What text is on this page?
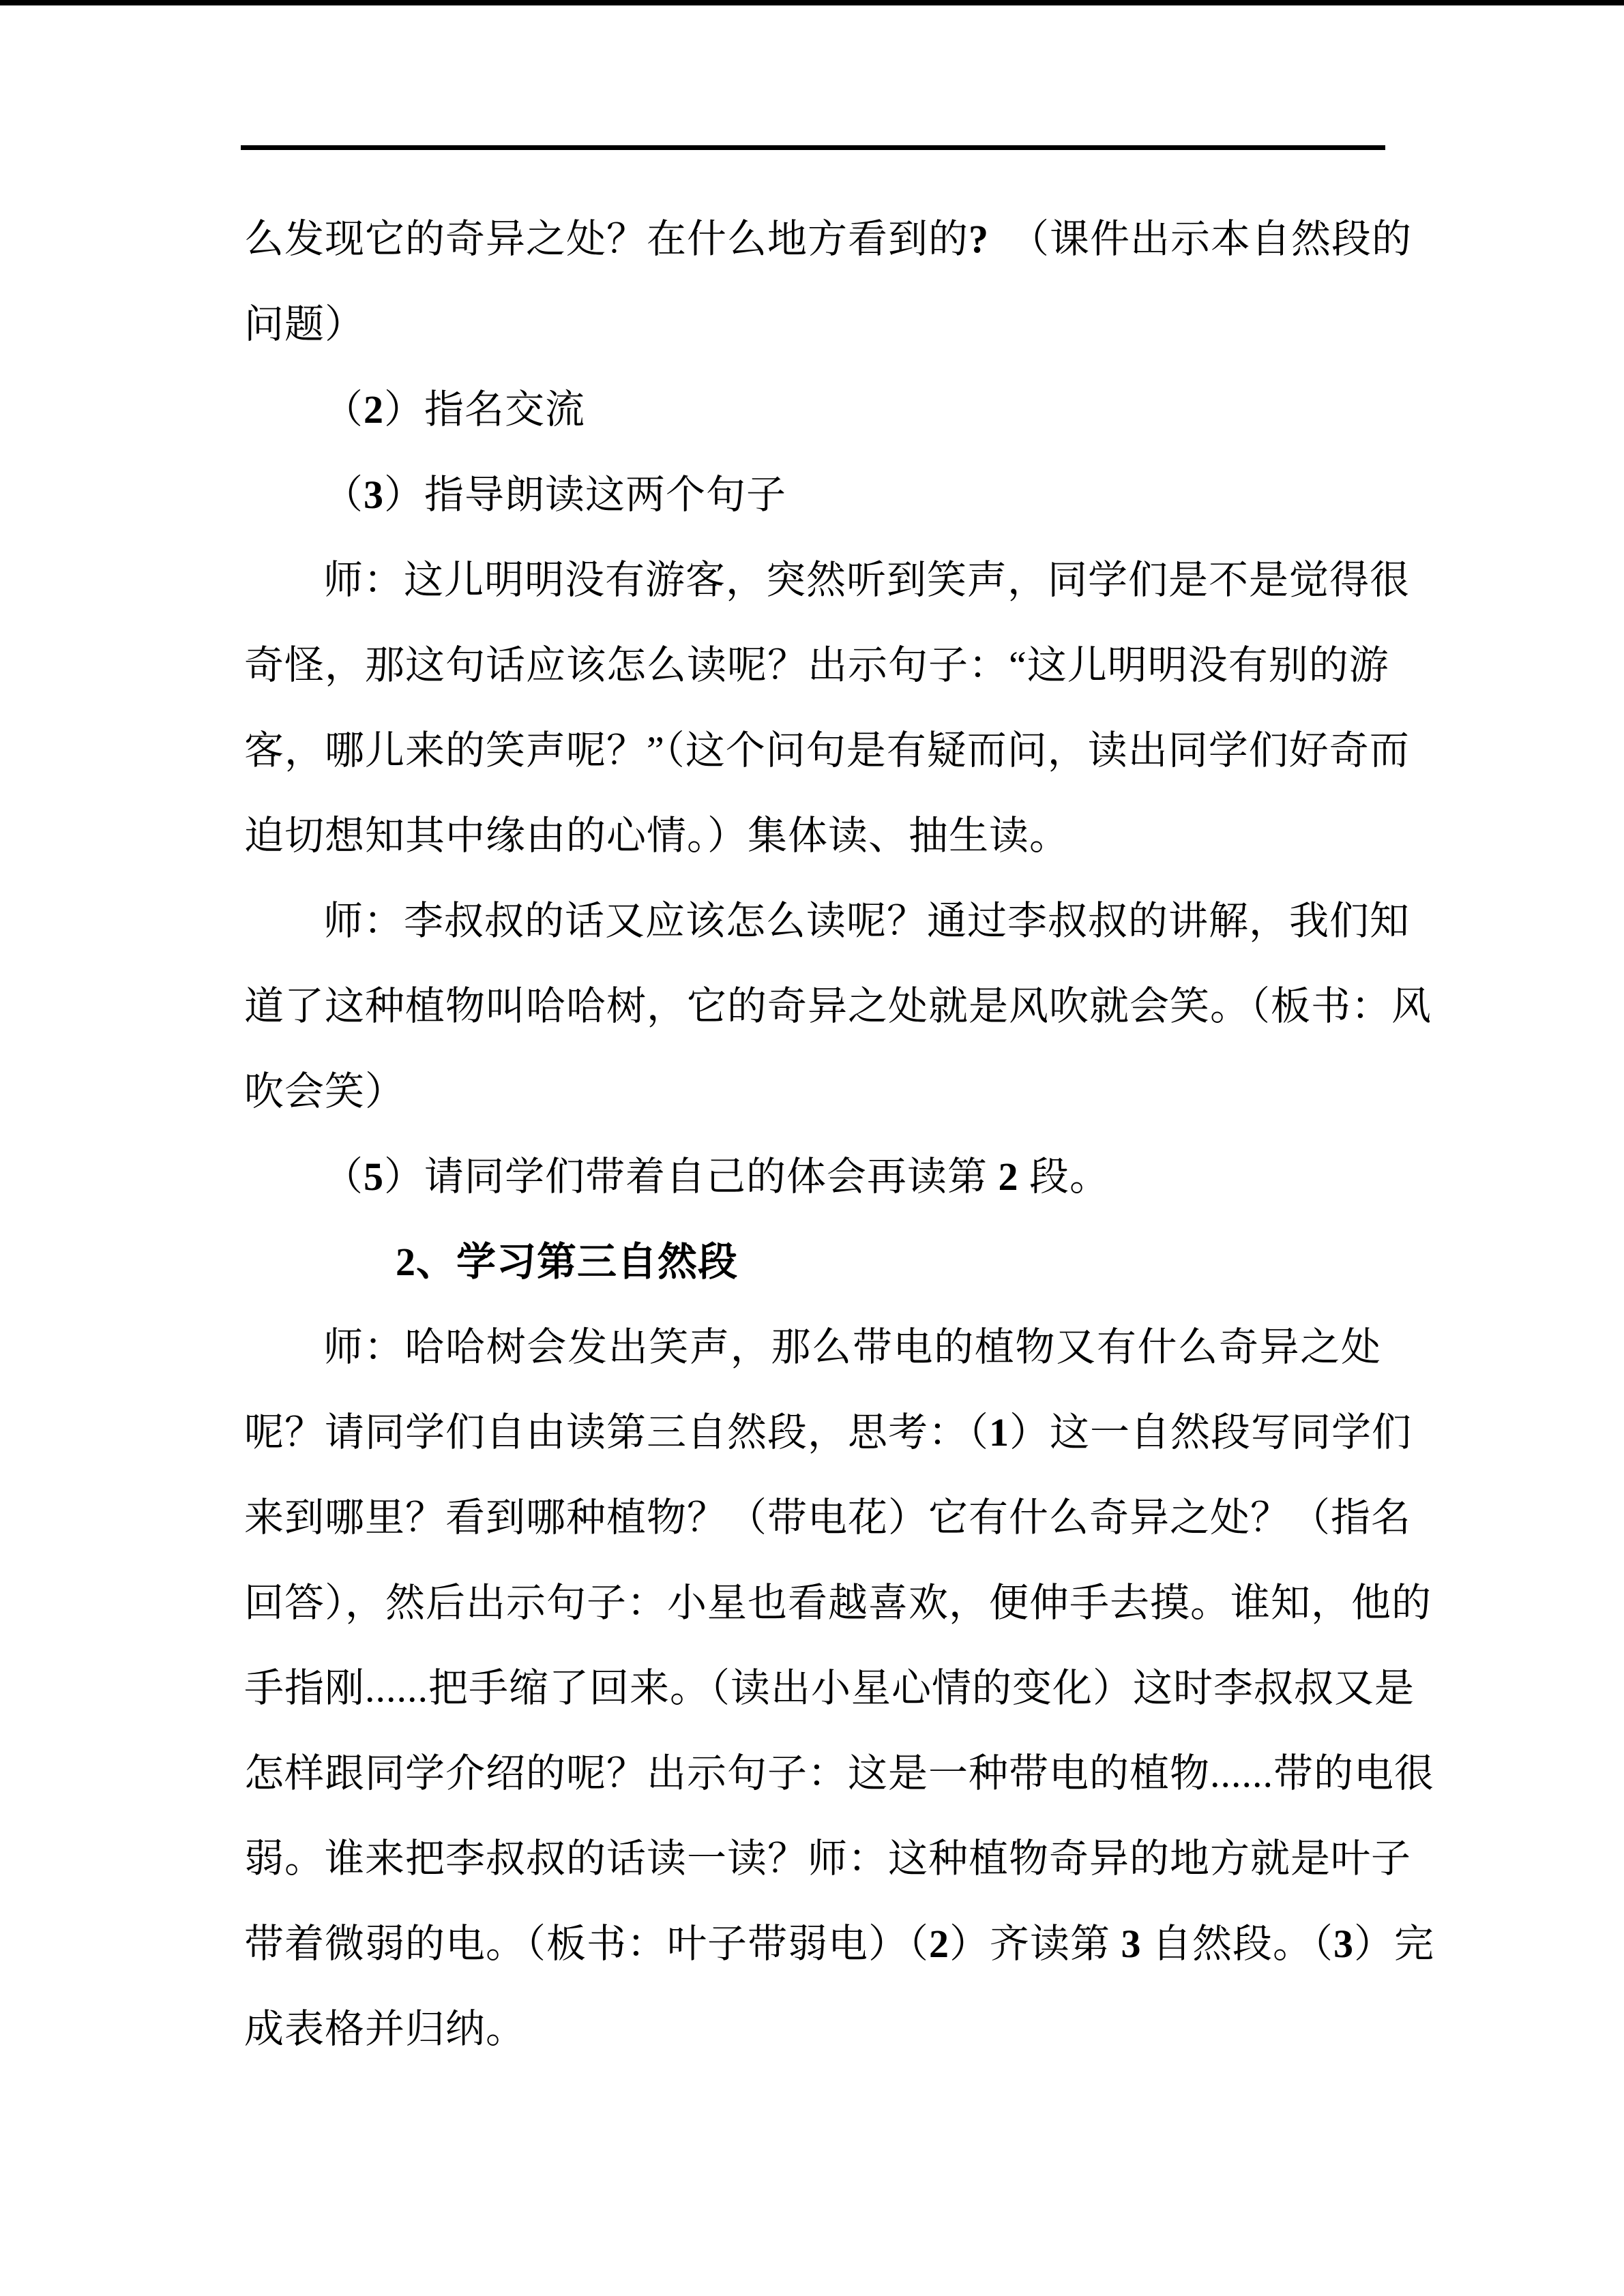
么发现它的奇异之处？在什么地方看到的?　（课件出示本自然段的
问题）
（2）指名交流
（3）指导朗读这两个句子
师：这儿明明没有游客，突然听到笑声，同学们是不是觉得很
奇怪，那这句话应该怎么读呢？出示句子：“这儿明明没有别的游
客，哪儿来的笑声呢？”（这个问句是有疑而问，读出同学们好奇而
迫切想知其中缘由的心情。）集体读、抽生读。
师：李叔叔的话又应该怎么读呢？通过李叔叔的讲解，我们知
道了这种植物叫哈哈树，它的奇异之处就是风吹就会笑。（板书：风
吹会笑）
（5）请同学们带着自己的体会再读第 2 段。
2、学习第三自然段
师：哈哈树会发出笑声，那么带电的植物又有什么奇异之处
呢？请同学们自由读第三自然段，思考：（1）这一自然段写同学们
来到哪里？看到哪种植物？（带电花）它有什么奇异之处？（指名
回答），然后出示句子：小星也看越喜欢，便伸手去摸。谁知，他的
手指刚......把手缩了回来。（读出小星心情的变化）这时李叔叔又是
怎样跟同学介绍的呢？出示句子：这是一种带电的植物......带的电很
弱。谁来把李叔叔的话读一读？师：这种植物奇异的地方就是叶子
带着微弱的电。（板书：叶子带弱电）（2）齐读第 3 自然段。（3）完
成表格并归纳。
